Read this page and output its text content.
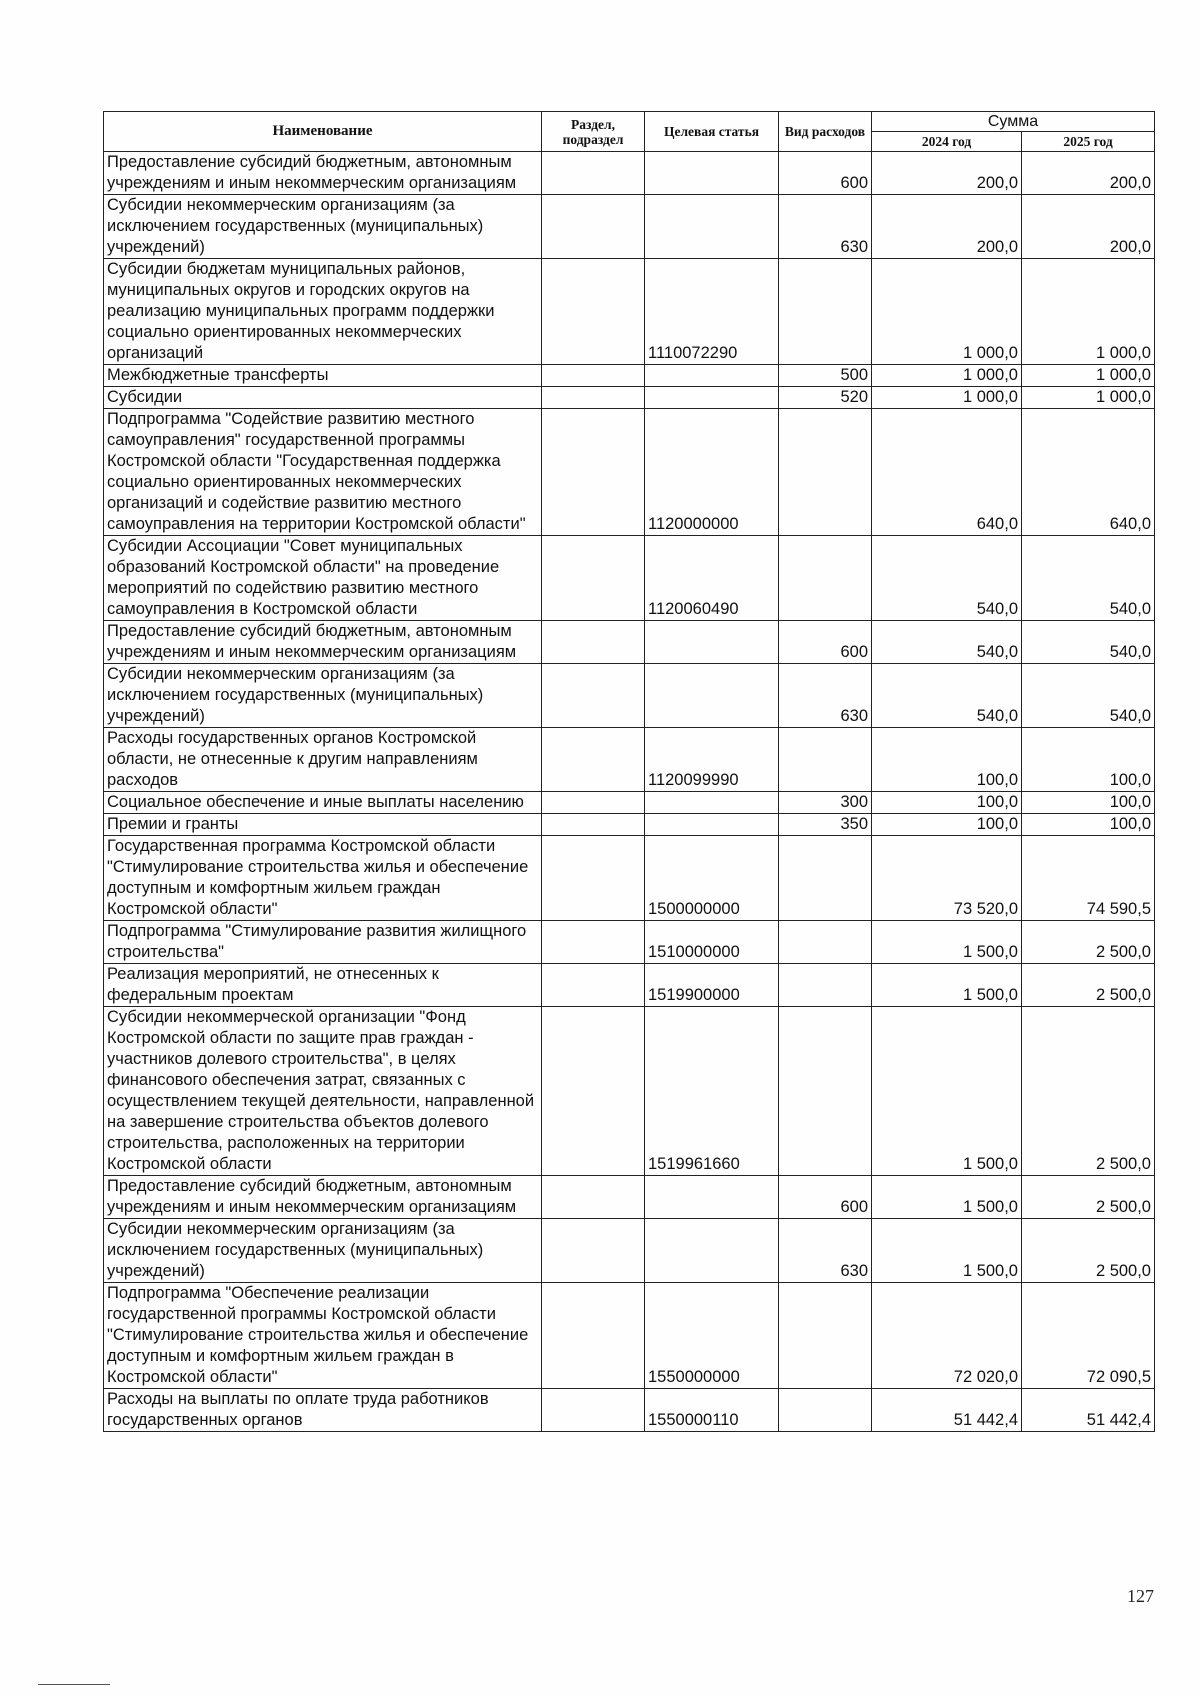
Наименование	Раздел, подраздел	Целевая статья	Вид расходов	Сумма	
				2024 год	2025 год
Предоставление субсидий бюджетным, автономным учреждениям и иным некоммерческим организациям			600	200,0	200,0
Субсидии некоммерческим организациям (за исключением государственных (муниципальных) учреждений)			630	200,0	200,0
Субсидии бюджетам муниципальных районов, муниципальных округов и городских округов на реализацию муниципальных программ поддержки социально ориентированных некоммерческих организаций		1110072290		1 000,0	1 000,0
Межбюджетные трансферты			500	1 000,0	1 000,0
Субсидии			520	1 000,0	1 000,0
Подпрограмма "Содействие развитию местного самоуправления" государственной программы Костромской области "Государственная поддержка социально ориентированных некоммерческих организаций и содействие развитию местного самоуправления на территории Костромской области"		1120000000		640,0	640,0
Субсидии Ассоциации "Совет муниципальных образований Костромской области" на проведение мероприятий по содействию развитию местного самоуправления в Костромской области		1120060490		540,0	540,0
Предоставление субсидий бюджетным, автономным учреждениям и иным некоммерческим организациям			600	540,0	540,0
Субсидии некоммерческим организациям (за исключением государственных (муниципальных) учреждений)			630	540,0	540,0
Расходы государственных органов Костромской области, не отнесенные к другим направлениям расходов		1120099990		100,0	100,0
Социальное обеспечение и иные выплаты населению			300	100,0	100,0
Премии и гранты			350	100,0	100,0
Государственная программа Костромской области "Стимулирование строительства жилья и обеспечение доступным и комфортным жильем граждан Костромской области"		1500000000		73 520,0	74 590,5
Подпрограмма "Стимулирование развития жилищного строительства"		1510000000		1 500,0	2 500,0
Реализация мероприятий, не отнесенных к федеральным проектам		1519900000		1 500,0	2 500,0
Субсидии некоммерческой организации "Фонд Костромской области по защите прав граждан - участников долевого строительства", в целях финансового обеспечения затрат, связанных с осуществлением текущей деятельности, направленной на завершение строительства объектов долевого строительства, расположенных на территории Костромской области		1519961660		1 500,0	2 500,0
Предоставление субсидий бюджетным, автономным учреждениям и иным некоммерческим организациям			600	1 500,0	2 500,0
Субсидии некоммерческим организациям (за исключением государственных (муниципальных) учреждений)			630	1 500,0	2 500,0
Подпрограмма "Обеспечение реализации государственной программы Костромской области "Стимулирование строительства жилья и обеспечение доступным и комфортным жильем граждан в Костромской области"		1550000000		72 020,0	72 090,5
Расходы на выплаты по оплате труда работников государственных органов		1550000110		51 442,4	51 442,4
127
